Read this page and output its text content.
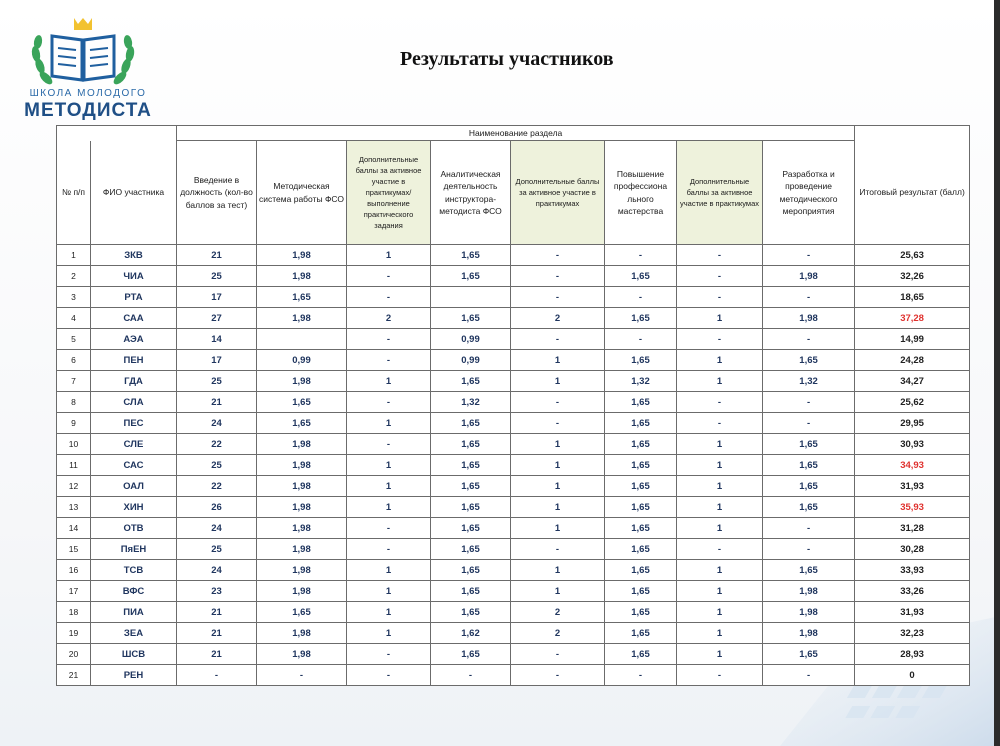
ШКОЛА МОЛОДОГО
МЕТОДИСТА
Результаты участников
		Наименование раздела								
№ п/п	ФИО участника	Введение в должность (кол-во баллов за тест)	Методическая система работы ФСО	Дополнительные баллы за активное участие в практикумах/ выполнение практического задания	Аналитическая деятельность инструктора-методиста ФСО	Дополнительные баллы за активное участие в практикумах	Повышение профессиона льного мастерства	Дополнительные баллы за активное участие в практикумах	Разработка и проведение методического мероприятия	Итоговый результат (балл)
1	ЗКВ	21	1,98	1	1,65	-	-	-	-	25,63
2	ЧИА	25	1,98	-	1,65	-	1,65	-	1,98	32,26
3	РТА	17	1,65	-		-	-	-	-	18,65
4	САА	27	1,98	2	1,65	2	1,65	1	1,98	37,28
5	АЭА	14		-	0,99	-	-	-	-	14,99
6	ПЕН	17	0,99	-	0,99	1	1,65	1	1,65	24,28
7	ГДА	25	1,98	1	1,65	1	1,32	1	1,32	34,27
8	СЛА	21	1,65	-	1,32	-	1,65	-	-	25,62
9	ПЕС	24	1,65	1	1,65	-	1,65	-	-	29,95
10	СЛЕ	22	1,98	-	1,65	1	1,65	1	1,65	30,93
11	САС	25	1,98	1	1,65	1	1,65	1	1,65	34,93
12	ОАЛ	22	1,98	1	1,65	1	1,65	1	1,65	31,93
13	ХИН	26	1,98	1	1,65	1	1,65	1	1,65	35,93
14	ОТВ	24	1,98	-	1,65	1	1,65	1	-	31,28
15	ПяЕН	25	1,98	-	1,65	-	1,65	-	-	30,28
16	ТСВ	24	1,98	1	1,65	1	1,65	1	1,65	33,93
17	ВФС	23	1,98	1	1,65	1	1,65	1	1,98	33,26
18	ПИА	21	1,65	1	1,65	2	1,65	1	1,98	31,93
19	ЗЕА	21	1,98	1	1,62	2	1,65	1	1,98	32,23
20	ШСВ	21	1,98	-	1,65	-	1,65	1	1,65	28,93
21	РЕН	-	-	-	-	-	-	-	-	0
